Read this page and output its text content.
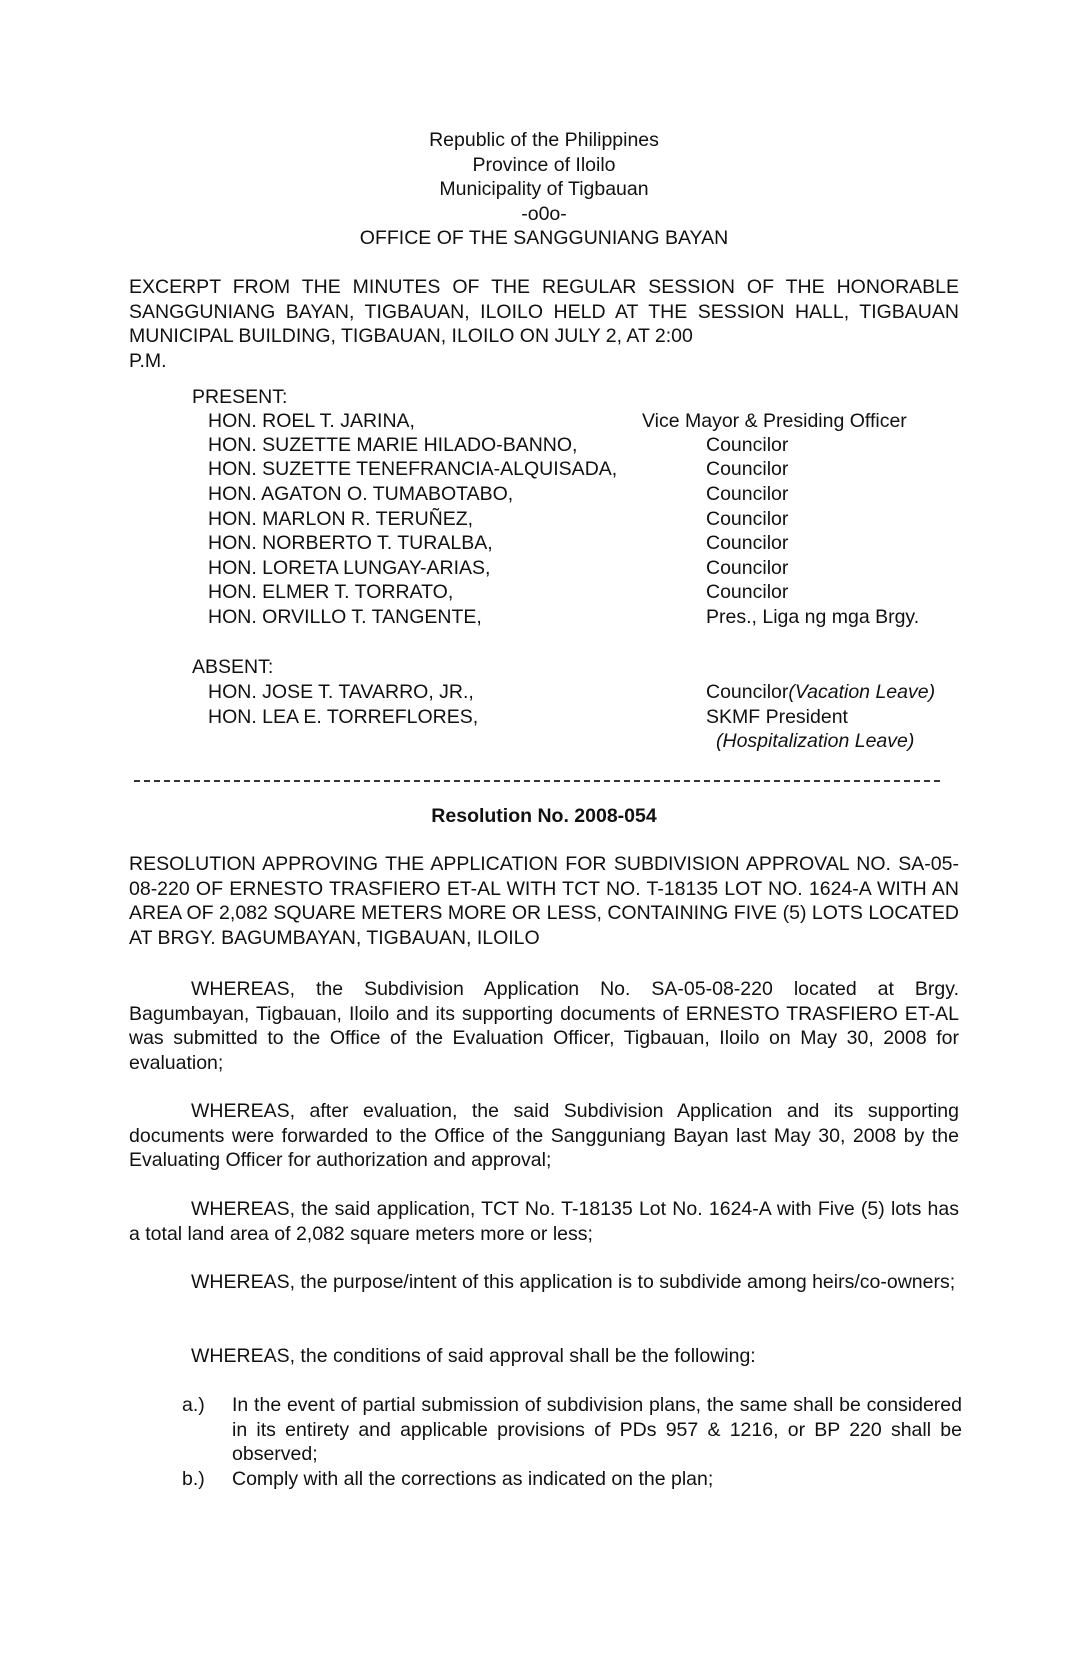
Republic of the Philippines
Province of Iloilo
Municipality of Tigbauan
-o0o-
OFFICE OF THE SANGGUNIANG BAYAN
EXCERPT FROM THE MINUTES OF THE REGULAR SESSION OF THE HONORABLE SANGGUNIANG BAYAN, TIGBAUAN, ILOILO HELD AT THE SESSION HALL, TIGBAUAN MUNICIPAL BUILDING, TIGBAUAN, ILOILO ON JULY 2, AT 2:00
P.M.
PRESENT:
HON. ROEL T. JARINA,	Vice Mayor & Presiding Officer
HON. SUZETTE MARIE HILADO-BANNO,	Councilor
HON. SUZETTE TENEFRANCIA-ALQUISADA,	Councilor
HON. AGATON O. TUMABOTABO,	Councilor
HON. MARLON R. TERUÑEZ,	Councilor
HON. NORBERTO T. TURALBA,	Councilor
HON. LORETA LUNGAY-ARIAS,	Councilor
HON. ELMER T. TORRATO,	Councilor
HON. ORVILLO T. TANGENTE,	Pres., Liga ng mga Brgy.
ABSENT:
HON. JOSE T. TAVARRO, JR.,	Councilor(Vacation Leave)
HON. LEA E. TORREFLORES,	SKMF President
(Hospitalization Leave)
Resolution No. 2008-054
RESOLUTION APPROVING THE APPLICATION FOR SUBDIVISION APPROVAL NO. SA-05-08-220 OF ERNESTO TRASFIERO ET-AL WITH TCT NO. T-18135 LOT NO. 1624-A WITH AN AREA OF 2,082 SQUARE METERS MORE OR LESS, CONTAINING FIVE (5) LOTS LOCATED AT BRGY. BAGUMBAYAN, TIGBAUAN, ILOILO
WHEREAS, the Subdivision Application No. SA-05-08-220 located at Brgy. Bagumbayan, Tigbauan, Iloilo and its supporting documents of ERNESTO TRASFIERO ET-AL was submitted to the Office of the Evaluation Officer, Tigbauan, Iloilo on May 30, 2008 for evaluation;
WHEREAS, after evaluation, the said Subdivision Application and its supporting documents were forwarded to the Office of the Sangguniang Bayan last May 30, 2008 by the Evaluating Officer for authorization and approval;
WHEREAS, the said application, TCT No. T-18135 Lot No. 1624-A with Five (5) lots has a total land area of 2,082 square meters more or less;
WHEREAS, the purpose/intent of this application is to subdivide among heirs/co-owners;
WHEREAS, the conditions of said approval shall be the following:
a.) In the event of partial submission of subdivision plans, the same shall be considered in its entirety and applicable provisions of PDs 957 & 1216, or BP 220 shall be observed;
b.) Comply with all the corrections as indicated on the plan;
